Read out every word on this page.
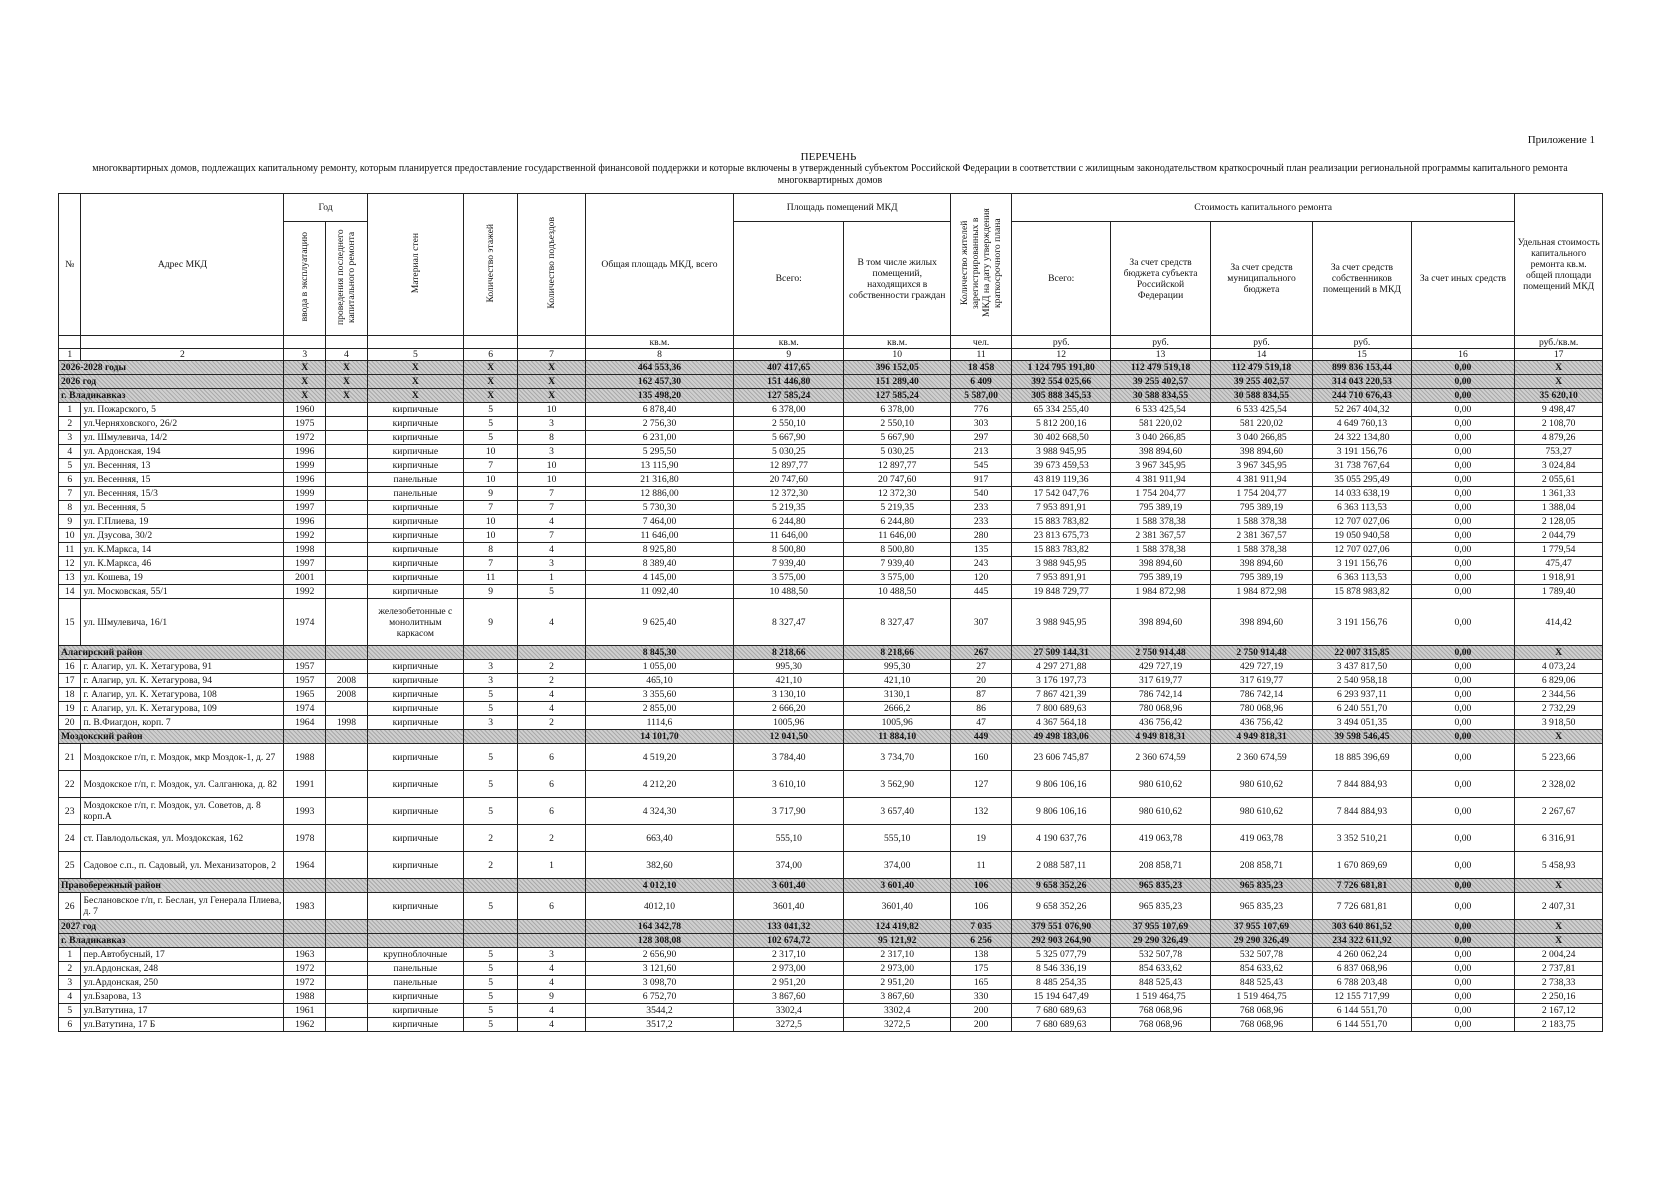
Приложение 1
ПЕРЕЧЕНЬ
многоквартирных домов, подлежащих капитальному ремонту, которым планируется предоставление государственной финансовой поддержки и которые включены в утвержденный субъектом Российской Федерации в соответствии с жилищным законодательством краткосрочный план реализации региональной программы капитального ремонта многоквартирных домов
№	Адрес МКД	Год		Материал стен	Количество этажей	Количество подъездов	Общая площадь МКД, всего	Площадь помещений МКД		Количество жителей зарегистрированных в МКД на дату утверждения краткосрочного плана	Стоимость капитального ремонта					Удельная стоимость капитального ремонта кв.м. общей площади помещений МКД
		ввода в эксплуатацию	проведения последнего капитального ремонта					Всего:	В том числе жилых помещений, находящихся в собственности граждан		Всего:	За счет средств бюджета субъекта Российской Федерации	За счет средств муниципального бюджета	За счет средств собственников помещений в МКД	За счет иных средств	
							кв.м.	кв.м.	кв.м.	чел.	руб.	руб.	руб.	руб.		руб./кв.м.
1	2	3	4	5	6	7	8	9	10	11	12	13	14	15	16	17
2026-2028 годы		X	X	X	X	X	464 553,36	407 417,65	396 152,05	18 458	1 124 795 191,80	112 479 519,18	112 479 519,18	899 836 153,44	0,00	X
2026 год		X	X	X	X	X	162 457,30	151 446,80	151 289,40	6 409	392 554 025,66	39 255 402,57	39 255 402,57	314 043 220,53	0,00	X
г. Владикавказ		X	X	X	X	X	135 498,20	127 585,24	127 585,24	5 587,00	305 888 345,53	30 588 834,55	30 588 834,55	244 710 676,43	0,00	35 620,10
1	ул. Пожарского, 5	1960		кирпичные	5	10	6 878,40	6 378,00	6 378,00	776	65 334 255,40	6 533 425,54	6 533 425,54	52 267 404,32	0,00	9 498,47
2	ул.Черняховского, 26/2	1975		кирпичные	5	3	2 756,30	2 550,10	2 550,10	303	5 812 200,16	581 220,02	581 220,02	4 649 760,13	0,00	2 108,70
3	ул. Шмулевича, 14/2	1972		кирпичные	5	8	6 231,00	5 667,90	5 667,90	297	30 402 668,50	3 040 266,85	3 040 266,85	24 322 134,80	0,00	4 879,26
4	ул. Ардонская, 194	1996		кирпичные	10	3	5 295,50	5 030,25	5 030,25	213	3 988 945,95	398 894,60	398 894,60	3 191 156,76	0,00	753,27
5	ул. Весенняя, 13	1999		кирпичные	7	10	13 115,90	12 897,77	12 897,77	545	39 673 459,53	3 967 345,95	3 967 345,95	31 738 767,64	0,00	3 024,84
6	ул. Весенняя, 15	1996		панельные	10	10	21 316,80	20 747,60	20 747,60	917	43 819 119,36	4 381 911,94	4 381 911,94	35 055 295,49	0,00	2 055,61
7	ул. Весенняя, 15/3	1999		панельные	9	7	12 886,00	12 372,30	12 372,30	540	17 542 047,76	1 754 204,77	1 754 204,77	14 033 638,19	0,00	1 361,33
8	ул. Весенняя, 5	1997		кирпичные	7	7	5 730,30	5 219,35	5 219,35	233	7 953 891,91	795 389,19	795 389,19	6 363 113,53	0,00	1 388,04
9	ул. Г.Плиева, 19	1996		кирпичные	10	4	7 464,00	6 244,80	6 244,80	233	15 883 783,82	1 588 378,38	1 588 378,38	12 707 027,06	0,00	2 128,05
10	ул. Дзусова, 30/2	1992		кирпичные	10	7	11 646,00	11 646,00	11 646,00	280	23 813 675,73	2 381 367,57	2 381 367,57	19 050 940,58	0,00	2 044,79
11	ул. К.Маркса, 14	1998		кирпичные	8	4	8 925,80	8 500,80	8 500,80	135	15 883 783,82	1 588 378,38	1 588 378,38	12 707 027,06	0,00	1 779,54
12	ул. К.Маркса, 46	1997		кирпичные	7	3	8 389,40	7 939,40	7 939,40	243	3 988 945,95	398 894,60	398 894,60	3 191 156,76	0,00	475,47
13	ул. Кошева, 19	2001		кирпичные	11	1	4 145,00	3 575,00	3 575,00	120	7 953 891,91	795 389,19	795 389,19	6 363 113,53	0,00	1 918,91
14	ул. Московская, 55/1	1992		кирпичные	9	5	11 092,40	10 488,50	10 488,50	445	19 848 729,77	1 984 872,98	1 984 872,98	15 878 983,82	0,00	1 789,40
15	ул. Шмулевича, 16/1	1974		железобетонные с монолитным каркасом	9	4	9 625,40	8 327,47	8 327,47	307	3 988 945,95	398 894,60	398 894,60	3 191 156,76	0,00	414,42
Алагирский район							8 845,30	8 218,66	8 218,66	267	27 509 144,31	2 750 914,48	2 750 914,48	22 007 315,85	0,00	X
16	г. Алагир, ул. К. Хетагурова, 91	1957		кирпичные	3	2	1 055,00	995,30	995,30	27	4 297 271,88	429 727,19	429 727,19	3 437 817,50	0,00	4 073,24
17	г. Алагир, ул. К. Хетагурова, 94	1957	2008	кирпичные	3	2	465,10	421,10	421,10	20	3 176 197,73	317 619,77	317 619,77	2 540 958,18	0,00	6 829,06
18	г. Алагир, ул. К. Хетагурова, 108	1965	2008	кирпичные	5	4	3 355,60	3 130,10	3130,1	87	7 867 421,39	786 742,14	786 742,14	6 293 937,11	0,00	2 344,56
19	г. Алагир, ул. К. Хетагурова, 109	1974		кирпичные	5	4	2 855,00	2 666,20	2666,2	86	7 800 689,63	780 068,96	780 068,96	6 240 551,70	0,00	2 732,29
20	п. В.Фиагдон, корп. 7	1964	1998	кирпичные	3	2	1114,6	1005,96	1005,96	47	4 367 564,18	436 756,42	436 756,42	3 494 051,35	0,00	3 918,50
Моздокский район							14 101,70	12 041,50	11 884,10	449	49 498 183,06	4 949 818,31	4 949 818,31	39 598 546,45	0,00	X
21	Моздокское г/п, г. Моздок, мкр Моздок-1, д. 27	1988		кирпичные	5	6	4 519,20	3 784,40	3 734,70	160	23 606 745,87	2 360 674,59	2 360 674,59	18 885 396,69	0,00	5 223,66
22	Моздокское г/п, г. Моздок, ул. Салганюка, д. 82	1991		кирпичные	5	6	4 212,20	3 610,10	3 562,90	127	9 806 106,16	980 610,62	980 610,62	7 844 884,93	0,00	2 328,02
23	Моздокское г/п, г. Моздок, ул. Советов, д. 8 корп.А	1993		кирпичные	5	6	4 324,30	3 717,90	3 657,40	132	9 806 106,16	980 610,62	980 610,62	7 844 884,93	0,00	2 267,67
24	ст. Павлодольская, ул. Моздокская, 162	1978		кирпичные	2	2	663,40	555,10	555,10	19	4 190 637,76	419 063,78	419 063,78	3 352 510,21	0,00	6 316,91
25	Садовое с.п., п. Садовый, ул. Механизаторов, 2	1964		кирпичные	2	1	382,60	374,00	374,00	11	2 088 587,11	208 858,71	208 858,71	1 670 869,69	0,00	5 458,93
Правобережный район							4 012,10	3 601,40	3 601,40	106	9 658 352,26	965 835,23	965 835,23	7 726 681,81	0,00	X
26	Беслановское г/п, г. Беслан, ул Генерала Плиева, д. 7	1983		кирпичные	5	6	4012,10	3601,40	3601,40	106	9 658 352,26	965 835,23	965 835,23	7 726 681,81	0,00	2 407,31
2027 год							164 342,78	133 041,32	124 419,82	7 035	379 551 076,90	37 955 107,69	37 955 107,69	303 640 861,52	0,00	X
г. Владикавказ							128 308,08	102 674,72	95 121,92	6 256	292 903 264,90	29 290 326,49	29 290 326,49	234 322 611,92	0,00	X
1	пер.Автобусный, 17	1963		крупноблочные	5	3	2 656,90	2 317,10	2 317,10	138	5 325 077,79	532 507,78	532 507,78	4 260 062,24	0,00	2 004,24
2	ул.Ардонская, 248	1972		панельные	5	4	3 121,60	2 973,00	2 973,00	175	8 546 336,19	854 633,62	854 633,62	6 837 068,96	0,00	2 737,81
3	ул.Ардонская, 250	1972		панельные	5	4	3 098,70	2 951,20	2 951,20	165	8 485 254,35	848 525,43	848 525,43	6 788 203,48	0,00	2 738,33
4	ул.Бзарова, 13	1988		кирпичные	5	9	6 752,70	3 867,60	3 867,60	330	15 194 647,49	1 519 464,75	1 519 464,75	12 155 717,99	0,00	2 250,16
5	ул.Ватутина, 17	1961		кирпичные	5	4	3544,2	3302,4	3302,4	200	7 680 689,63	768 068,96	768 068,96	6 144 551,70	0,00	2 167,12
6	ул.Ватутина, 17 Б	1962		кирпичные	5	4	3517,2	3272,5	3272,5	200	7 680 689,63	768 068,96	768 068,96	6 144 551,70	0,00	2 183,75
